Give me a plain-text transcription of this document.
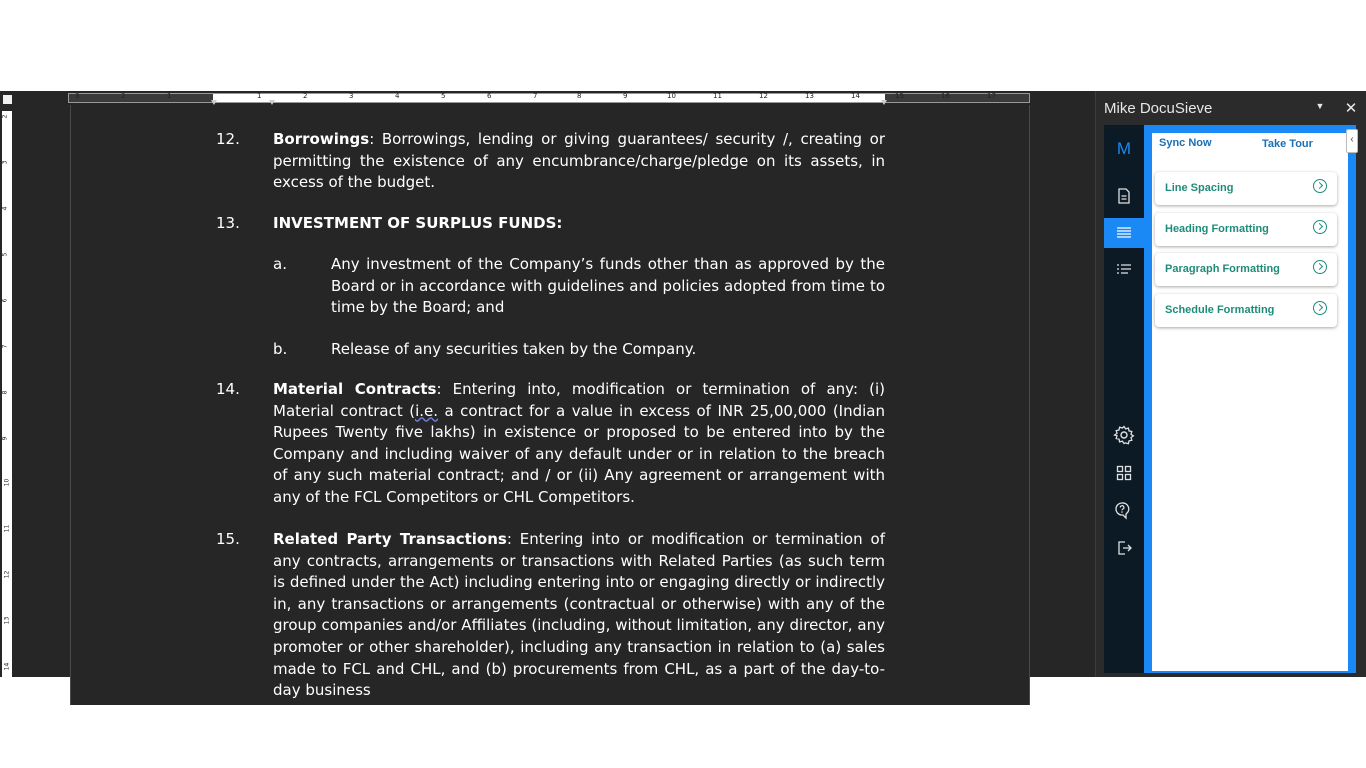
3	2	1	1	2	3	4	5	6	7	8	9	10	11	12	13	14	15	16	17
2
3
4
5
6
7
8
9
10
11
12
13
14
12. Borrowings: Borrowings, lending or giving guarantees/ security /, creating or permitting the existence of any encumbrance/charge/pledge on its assets, in excess of the budget.
13. INVESTMENT OF SURPLUS FUNDS:
a.	Any investment of the Company’s funds other than as approved by the Board or in accordance with guidelines and policies adopted from time to time by the Board; and
b.	Release of any securities taken by the Company.
14. Material Contracts: Entering into, modification or termination of any: (i) Material contract (i.e. a contract for a value in excess of INR 25,00,000 (Indian Rupees Twenty five lakhs) in existence or proposed to be entered into by the Company and including waiver of any default under or in relation to the breach of any such material contract; and / or (ii) Any agreement or arrangement with any of the FCL Competitors or CHL Competitors.
15. Related Party Transactions: Entering into or modification or termination of any contracts, arrangements or transactions with Related Parties (as such term is defined under the Act) including entering into or engaging directly or indirectly in, any transactions or arrangements (contractual or otherwise) with any of the group companies and/or Affiliates (including, without limitation, any director, any promoter or other shareholder), including any transaction in relation to (a) sales made to FCL and CHL, and (b) procurements from CHL, as a part of the day-to-day business
Mike DocuSieve	▼ ✕
M	Sync Now	Take Tour
Line Spacing
Heading Formatting
Paragraph Formatting
Schedule Formatting
‹
